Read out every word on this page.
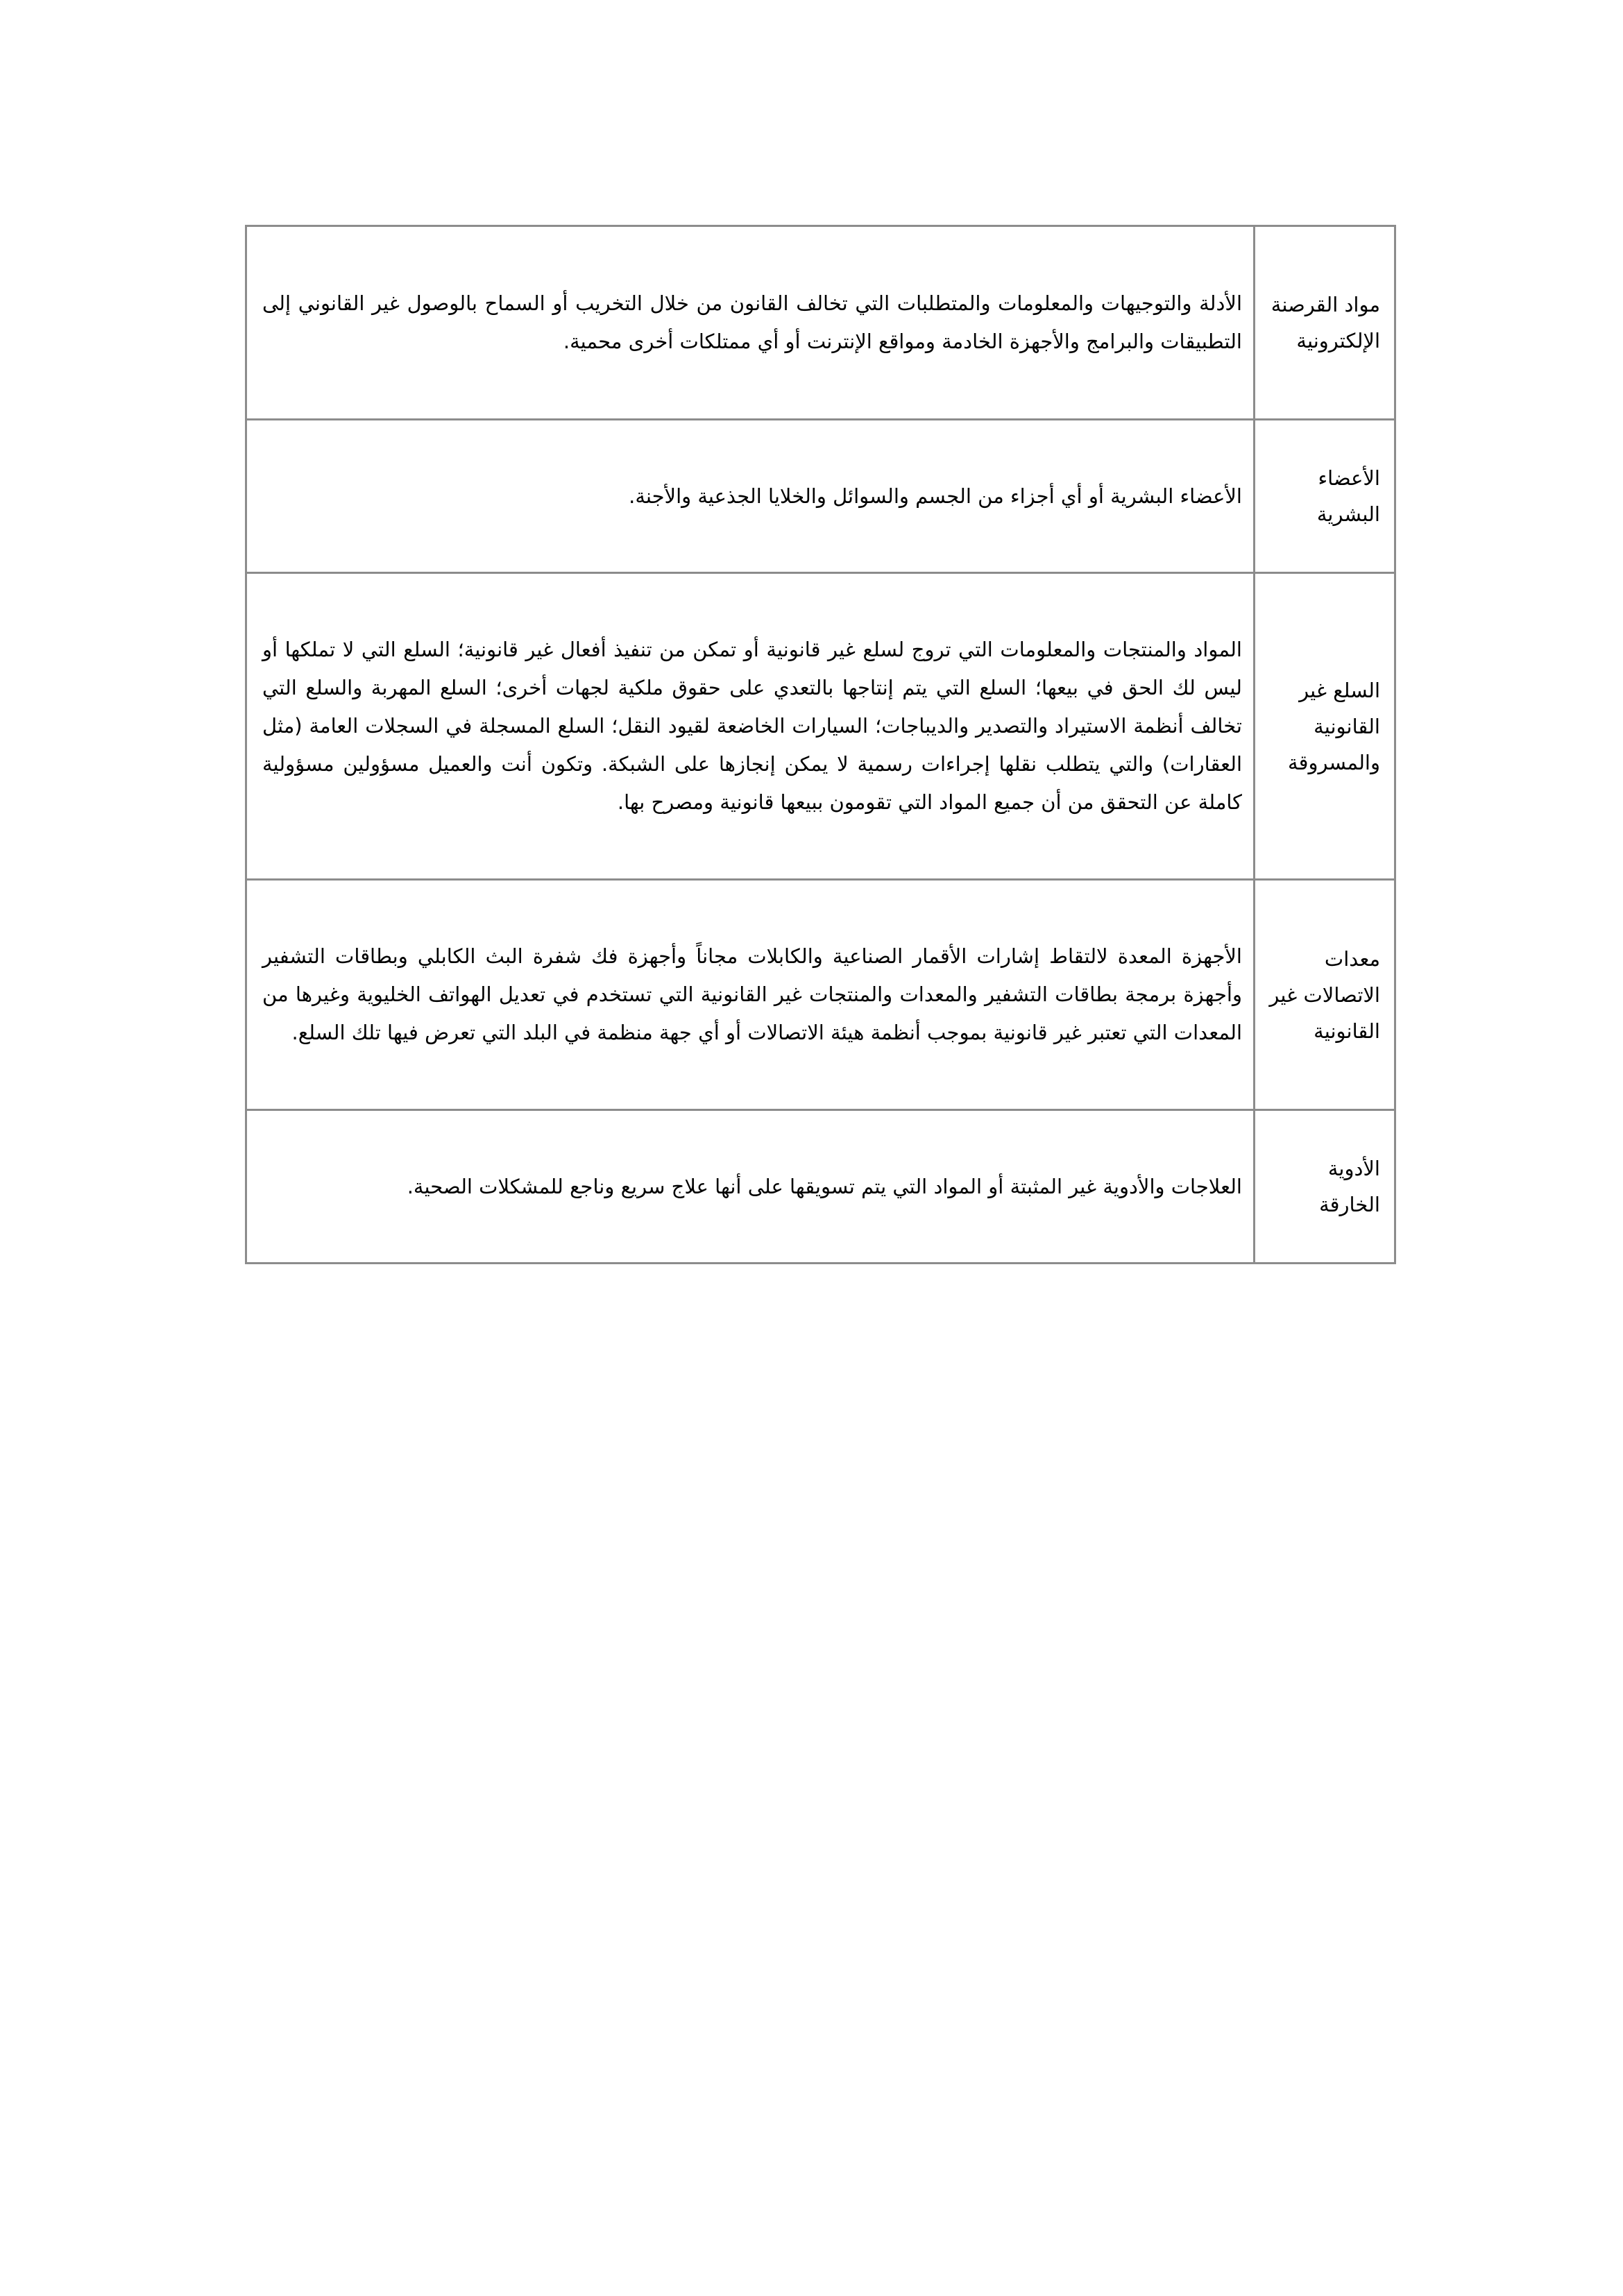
مواد القرصنة الإلكترونية	الأدلة والتوجيهات والمعلومات والمتطلبات التي تخالف القانون من خلال التخريب أو السماح بالوصول غير القانوني إلى التطبيقات والبرامج والأجهزة الخادمة ومواقع الإنترنت أو أي ممتلكات أخرى محمية.

الأعضاء البشرية	الأعضاء البشرية أو أي أجزاء من الجسم والسوائل والخلايا الجذعية والأجنة.

السلع غير القانونية والمسروقة	المواد والمنتجات والمعلومات التي تروج لسلع غير قانونية أو تمكن من تنفيذ أفعال غير قانونية؛ السلع التي لا تملكها أو ليس لك الحق في بيعها؛ السلع التي يتم إنتاجها بالتعدي على حقوق ملكية لجهات أخرى؛ السلع المهربة والسلع التي تخالف أنظمة الاستيراد والتصدير والديباجات؛ السيارات الخاضعة لقيود النقل؛ السلع المسجلة في السجلات العامة (مثل العقارات) والتي يتطلب نقلها إجراءات رسمية لا يمكن إنجازها على الشبكة. وتكون أنت والعميل مسؤولين مسؤولية كاملة عن التحقق من أن جميع المواد التي تقومون ببيعها قانونية ومصرح بها.

معدات الاتصالات غير القانونية	الأجهزة المعدة لالتقاط إشارات الأقمار الصناعية والكابلات مجاناً وأجهزة فك شفرة البث الكابلي وبطاقات التشفير وأجهزة برمجة بطاقات التشفير والمعدات والمنتجات غير القانونية التي تستخدم في تعديل الهواتف الخليوية وغيرها من المعدات التي تعتبر غير قانونية بموجب أنظمة هيئة الاتصالات أو أي جهة منظمة في البلد التي تعرض فيها تلك السلع.

الأدوية الخارقة	العلاجات والأدوية غير المثبتة أو المواد التي يتم تسويقها على أنها علاج سريع وناجع للمشكلات الصحية.
